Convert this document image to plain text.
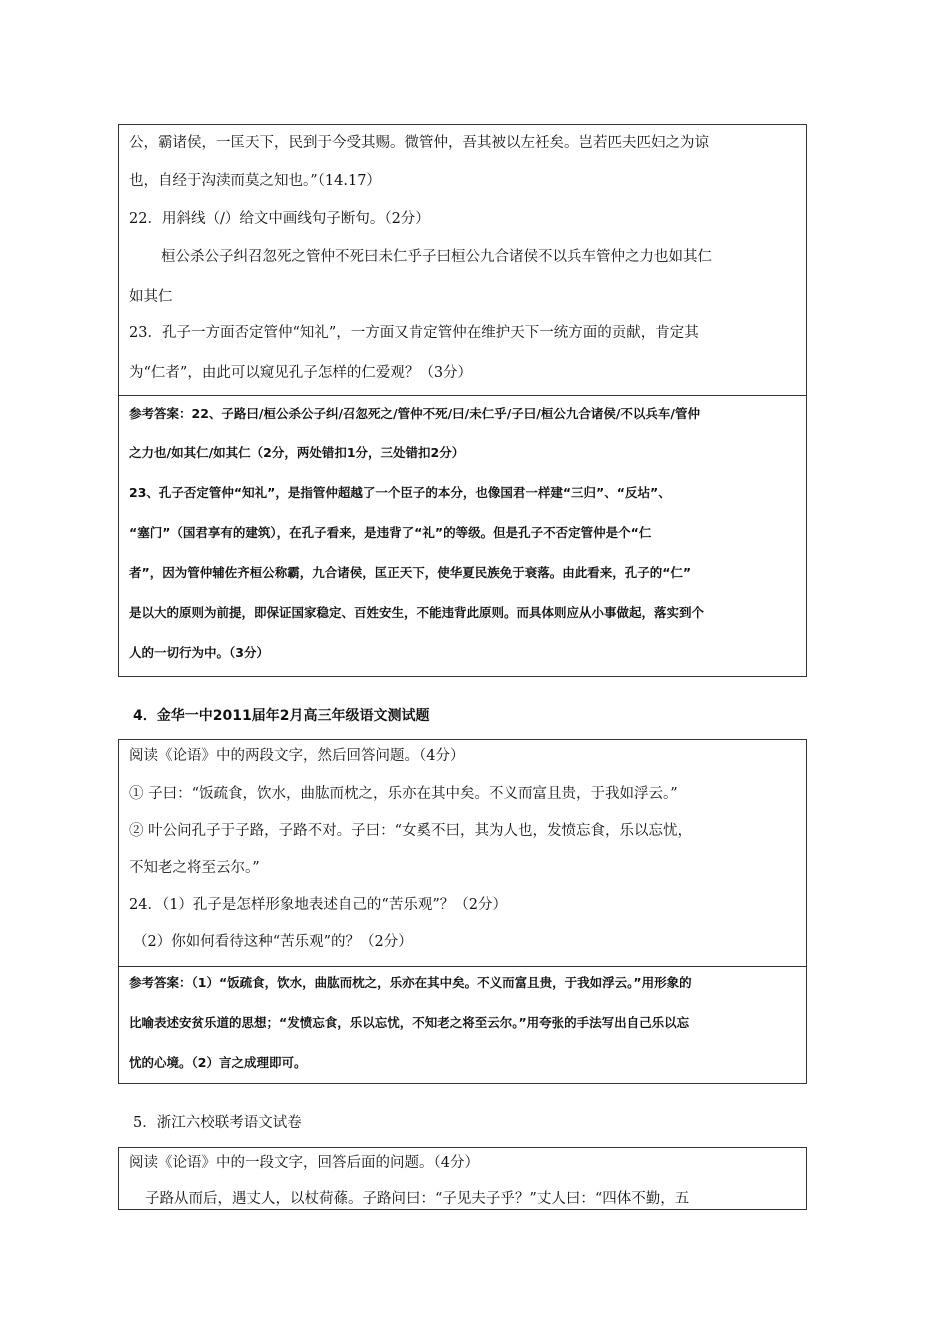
公，霸诸侯，一匡天下，民到于今受其赐。微管仲，吾其被以左衽矣。岂若匹夫匹妇之为谅
也，自经于沟渎而莫之知也。”（14.17）
22．用斜线（/）给文中画线句子断句。（2分）
桓公杀公子纠召忽死之管仲不死曰未仁乎子曰桓公九合诸侯不以兵车管仲之力也如其仁
如其仁
23．孔子一方面否定管仲“知礼”，一方面又肯定管仲在维护天下一统方面的贡献，肯定其
为“仁者”，由此可以窥见孔子怎样的仁爱观？（3分）
参考答案：22、子路曰/桓公杀公子纠/召忽死之/管仲不死/曰/未仁乎/子曰/桓公九合诸侯/不以兵车/管仲
之力也/如其仁/如其仁（2分，两处错扣1分，三处错扣2分）
23、孔子否定管仲“知礼”，是指管仲超越了一个臣子的本分，也像国君一样建“三归”、“反坫”、
“塞门”（国君享有的建筑），在孔子看来，是违背了“礼”的等级。但是孔子不否定管仲是个“仁
者”，因为管仲辅佐齐桓公称霸，九合诸侯，匡正天下，使华夏民族免于衰落。由此看来，孔子的“仁”
是以大的原则为前提，即保证国家稳定、百姓安生，不能违背此原则。而具体则应从小事做起，落实到个
人的一切行为中。（3分）
4．金华一中2011届年2月高三年级语文测试题
阅读《论语》中的两段文字，然后回答问题。（4分）
① 子曰：“饭疏食，饮水，曲肱而枕之，乐亦在其中矣。不义而富且贵，于我如浮云。”
② 叶公问孔子于子路，子路不对。子曰：“女奚不曰，其为人也，发愤忘食，乐以忘忧，
不知老之将至云尔。”
24．（1）孔子是怎样形象地表述自己的“苦乐观”？（2分）
（2）你如何看待这种“苦乐观”的？（2分）
参考答案：（1）“饭疏食，饮水，曲肱而枕之，乐亦在其中矣。不义而富且贵，于我如浮云。”用形象的
比喻表述安贫乐道的思想；“发愤忘食，乐以忘忧，不知老之将至云尔。”用夸张的手法写出自己乐以忘
忧的心境。（2）言之成理即可。
5．浙江六校联考语文试卷
阅读《论语》中的一段文字，回答后面的问题。（4分）
子路从而后，遇丈人，以杖荷蓧。子路问曰：“子见夫子乎？”丈人曰：“四体不勤，五
